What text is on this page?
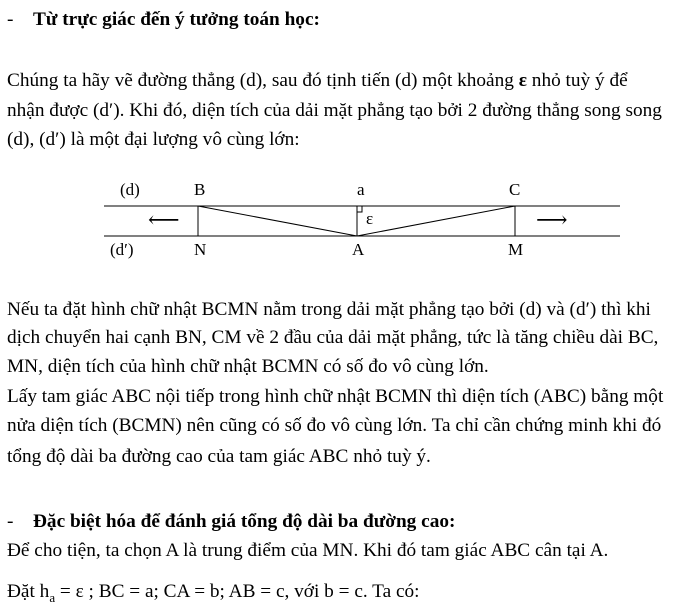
- Từ trực giác đến ý tưởng toán học:
Chúng ta hãy vẽ đường thẳng (d), sau đó tịnh tiến (d) một khoảng ε nhỏ tuỳ ý để
nhận được (d′). Khi đó, diện tích của dải mặt phẳng tạo bởi 2 đường thẳng song song
(d), (d′) là một đại lượng vô cùng lớn:
(d)	B	a	C
ε
⟵	⟶
(d′)	N	A	M
Nếu ta đặt hình chữ nhật BCMN nằm trong dải mặt phẳng tạo bởi (d) và (d′) thì khi
dịch chuyển hai cạnh BN, CM về 2 đầu của dải mặt phẳng, tức là tăng chiều dài BC,
MN, diện tích của hình chữ nhật BCMN có số đo vô cùng lớn.
Lấy tam giác ABC nội tiếp trong hình chữ nhật BCMN thì diện tích (ABC) bằng một
nửa diện tích (BCMN) nên cũng có số đo vô cùng lớn. Ta chỉ cần chứng minh khi đó
tổng độ dài ba đường cao của tam giác ABC nhỏ tuỳ ý.
- Đặc biệt hóa để đánh giá tổng độ dài ba đường cao:
Để cho tiện, ta chọn A là trung điểm của MN. Khi đó tam giác ABC cân tại A.
Đặt $h_a = \varepsilon$ ; BC = a; CA = b; AB = c, với b = c. Ta có:
